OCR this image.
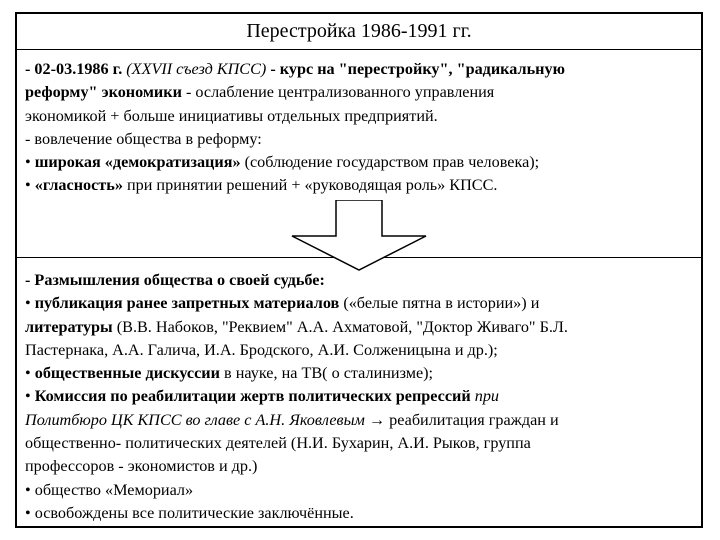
Перестройка 1986-1991 гг.
- 02-03.1986 г. (XXVII съезд КПСС) - курс на "перестройку", "радикальную
реформу" экономики - ослабление централизованного управления
экономикой + больше инициативы отдельных предприятий.
- вовлечение общества в реформу:
• широкая «демократизация» (соблюдение государством прав человека);
• «гласность» при принятии решений + «руководящая роль» КПСС.
- Размышления общества о своей судьбе:
• публикация ранее запретных материалов («белые пятна в истории») и
литературы (В.В. Набоков, "Реквием" А.А. Ахматовой, "Доктор Живаго" Б.Л.
Пастернака, А.А. Галича, И.А. Бродского, А.И. Солженицына и др.);
• общественные дискуссии в науке, на ТВ( о сталинизме);
• Комиссия по реабилитации жертв политических репрессий при
Политбюро ЦК КПСС во главе с А.Н. Яковлевым → реабилитация граждан и
общественно- политических деятелей (Н.И. Бухарин, А.И. Рыков, группа
профессоров - экономистов и др.)
• общество «Мемориал»
• освобождены все политические заключённые.
